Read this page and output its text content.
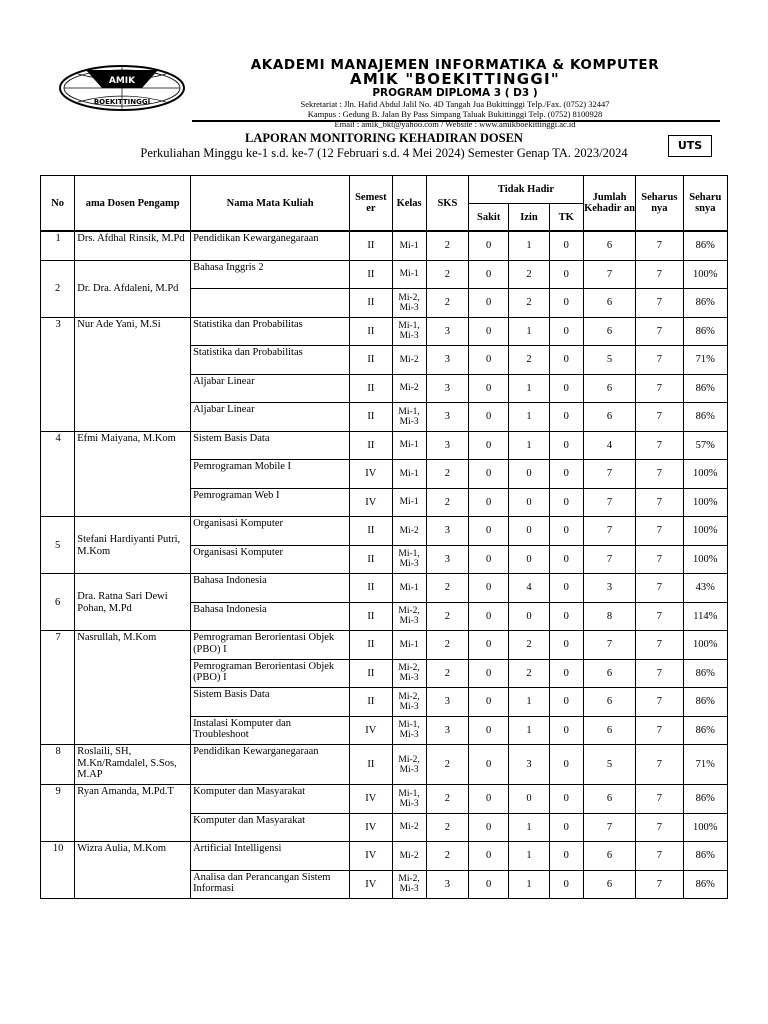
AMIK
BOEKITTINGGI
AKADEMI MANAJEMEN INFORMATIKA & KOMPUTER
AMIK "BOEKITTINGGI"
PROGRAM DIPLOMA 3 ( D3 )
Sekretariat : Jln. Hafid Abdul Jalil No. 4D Tangah Jua Bukittinggi Telp./Fax. (0752) 32447
Kampus : Gedung B. Jalan By Pass Simpang Taluak Bukittinggi Telp. (0752) 8100928
Email : amik_bkt@yahoo.com / Website : www.amikboekittinggi.ac.id
LAPORAN MONITORING KEHADIRAN DOSEN
Perkuliahan Minggu ke-1 s.d. ke-7 (12 Februari s.d. 4 Mei 2024) Semester Genap TA. 2023/2024
UTS
No	ama Dosen Pengamp	Nama Mata Kuliah	Semest er	Kelas	SKS	Tidak Hadir			Jumlah Kehadir an	Seharus nya	Seharu snya
						Sakit	Izin	TK			
1	Drs. Afdhal Rinsik, M.Pd	Pendidikan Kewarganegaraan	II	Mi-1	2	0	1	0	6	7	86%
2	Dr. Dra. Afdaleni, M.Pd	Bahasa Inggris 2	II	Mi-1	2	0	2	0	7	7	100%
			II	Mi-2, Mi-3	2	0	2	0	6	7	86%
3	Nur Ade Yani, M.Si	Statistika dan Probabilitas	II	Mi-1, Mi-3	3	0	1	0	6	7	86%
		Statistika dan Probabilitas	II	Mi-2	3	0	2	0	5	7	71%
		Aljabar Linear	II	Mi-2	3	0	1	0	6	7	86%
		Aljabar Linear	II	Mi-1, Mi-3	3	0	1	0	6	7	86%
4	Efmi Maiyana, M.Kom	Sistem Basis Data	II	Mi-1	3	0	1	0	4	7	57%
		Pemrograman Mobile I	IV	Mi-1	2	0	0	0	7	7	100%
		Pemrograman Web I	IV	Mi-1	2	0	0	0	7	7	100%
5	Stefani Hardiyanti Putri, M.Kom	Organisasi Komputer	II	Mi-2	3	0	0	0	7	7	100%
		Organisasi Komputer	II	Mi-1, Mi-3	3	0	0	0	7	7	100%
6	Dra. Ratna Sari Dewi Pohan, M.Pd	Bahasa Indonesia	II	Mi-1	2	0	4	0	3	7	43%
		Bahasa Indonesia	II	Mi-2, Mi-3	2	0	0	0	8	7	114%
7	Nasrullah, M.Kom	Pemrograman Berorientasi Objek (PBO) I	II	Mi-1	2	0	2	0	7	7	100%
		Pemrograman Berorientasi Objek (PBO) I	II	Mi-2, Mi-3	2	0	2	0	6	7	86%
		Sistem Basis Data	II	Mi-2, Mi-3	3	0	1	0	6	7	86%
		Instalasi Komputer dan Troubleshoot	IV	Mi-1, Mi-3	3	0	1	0	6	7	86%
8	Roslaili, SH, M.Kn/Ramdalel, S.Sos, M.AP	Pendidikan Kewarganegaraan	II	Mi-2, Mi-3	2	0	3	0	5	7	71%
9	Ryan Amanda, M.Pd.T	Komputer dan Masyarakat	IV	Mi-1, Mi-3	2	0	0	0	6	7	86%
		Komputer dan Masyarakat	IV	Mi-2	2	0	1	0	7	7	100%
10	Wizra Aulia, M.Kom	Artificial Intelligensi	IV	Mi-2	2	0	1	0	6	7	86%
		Analisa dan Perancangan Sistem Informasi	IV	Mi-2, Mi-3	3	0	1	0	6	7	86%
